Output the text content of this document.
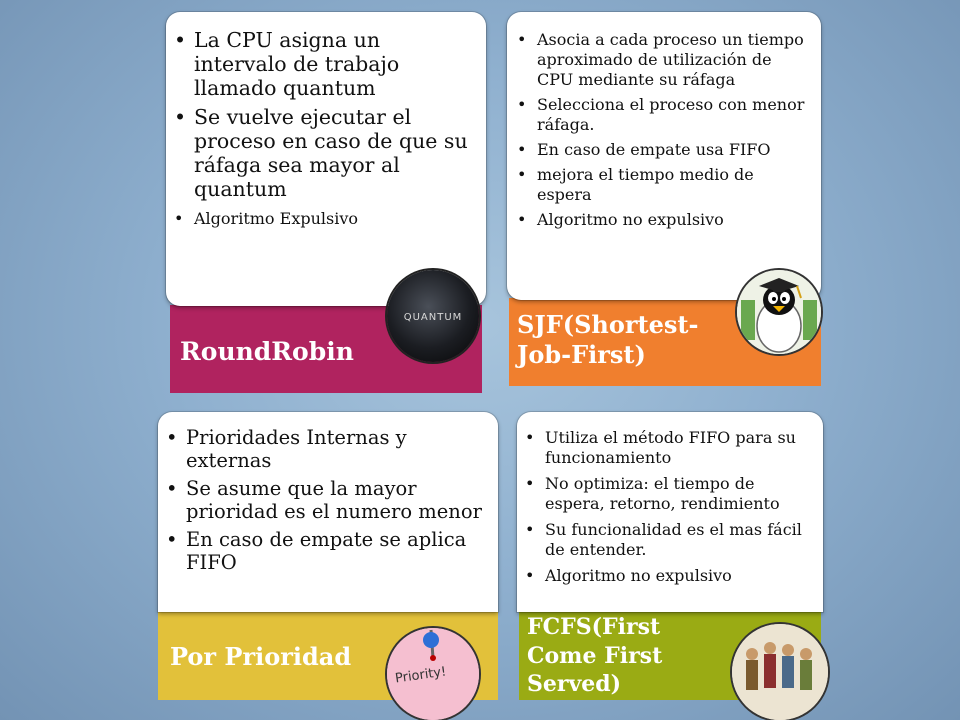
RoundRobin
• La CPU asigna un intervalo de trabajo llamado quantum
• Se vuelve ejecutar el proceso en caso de que su ráfaga sea mayor al quantum
• Algoritmo Expulsivo
QUANTUM	SJF(Shortest-
Job-First)
• Asocia a cada proceso un tiempo aproximado de utilización de CPU mediante su ráfaga
• Selecciona el proceso con menor ráfaga.
• En caso de empate usa FIFO
• mejora el tiempo medio de espera
• Algoritmo no expulsivo
Por Prioridad
• Prioridades Internas y externas
• Se asume que la mayor prioridad es el numero menor
• En caso de empate se aplica FIFO
Priority!
FCFS(First
Come First
Served)
• Utiliza el método FIFO para su funcionamiento
• No optimiza: el tiempo de espera, retorno, rendimiento
• Su funcionalidad es el mas fácil de entender.
• Algoritmo no expulsivo
